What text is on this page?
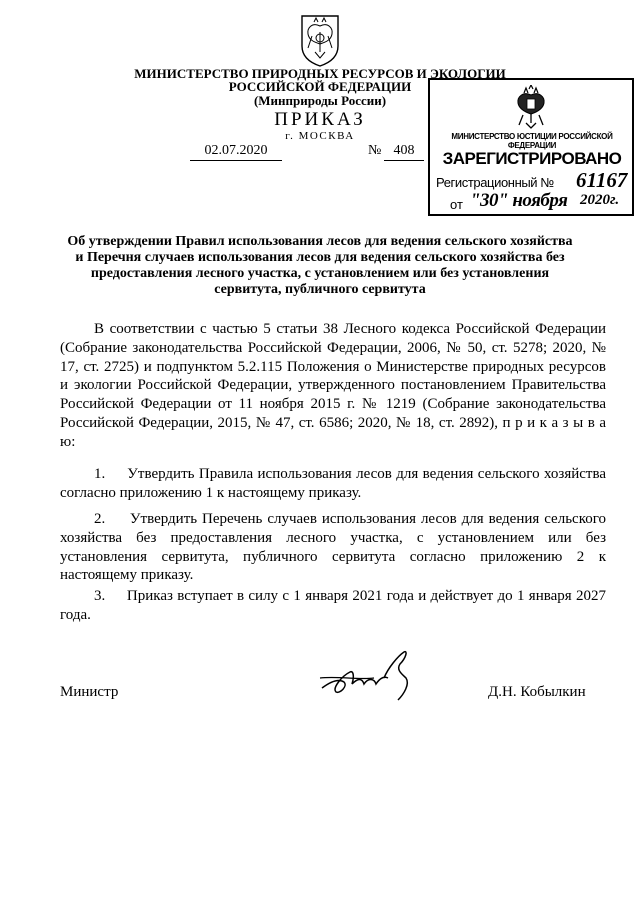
МИНИСТЕРСТВО ПРИРОДНЫХ РЕСУРСОВ И ЭКОЛОГИИ
РОССИЙСКОЙ ФЕДЕРАЦИИ
(Минприроды России)
ПРИКАЗ
г. МОСКВА
02.07.2020	№ 408
МИНИСТЕРСТВО ЮСТИЦИИ РОССИЙСКОЙ ФЕДЕРАЦИИ
ЗАРЕГИСТРИРОВАНО
Регистрационный № 61167
от "30" ноября 2020г.
Об утверждении Правил использования лесов для ведения сельского хозяйства
и Перечня случаев использования лесов для ведения сельского хозяйства без
предоставления лесного участка, с установлением или без установления
сервитута, публичного сервитута
В соответствии с частью 5 статьи 38 Лесного кодекса Российской Федерации (Собрание законодательства Российской Федерации, 2006, № 50, ст. 5278; 2020, № 17, ст. 2725) и подпунктом 5.2.115 Положения о Министерстве природных ресурсов и экологии Российской Федерации, утвержденного постановлением Правительства Российской Федерации от 11 ноября 2015 г. № 1219 (Собрание законодательства Российской Федерации, 2015, № 47, ст. 6586; 2020, № 18, ст. 2892), п р и к а з ы в а ю:
1. Утвердить Правила использования лесов для ведения сельского хозяйства согласно приложению 1 к настоящему приказу.
2. Утвердить Перечень случаев использования лесов для ведения сельского хозяйства без предоставления лесного участка, с установлением или без установления сервитута, публичного сервитута согласно приложению 2 к настоящему приказу.
3. Приказ вступает в силу с 1 января 2021 года и действует до 1 января 2027 года.
Министр	Д.Н. Кобылкин
